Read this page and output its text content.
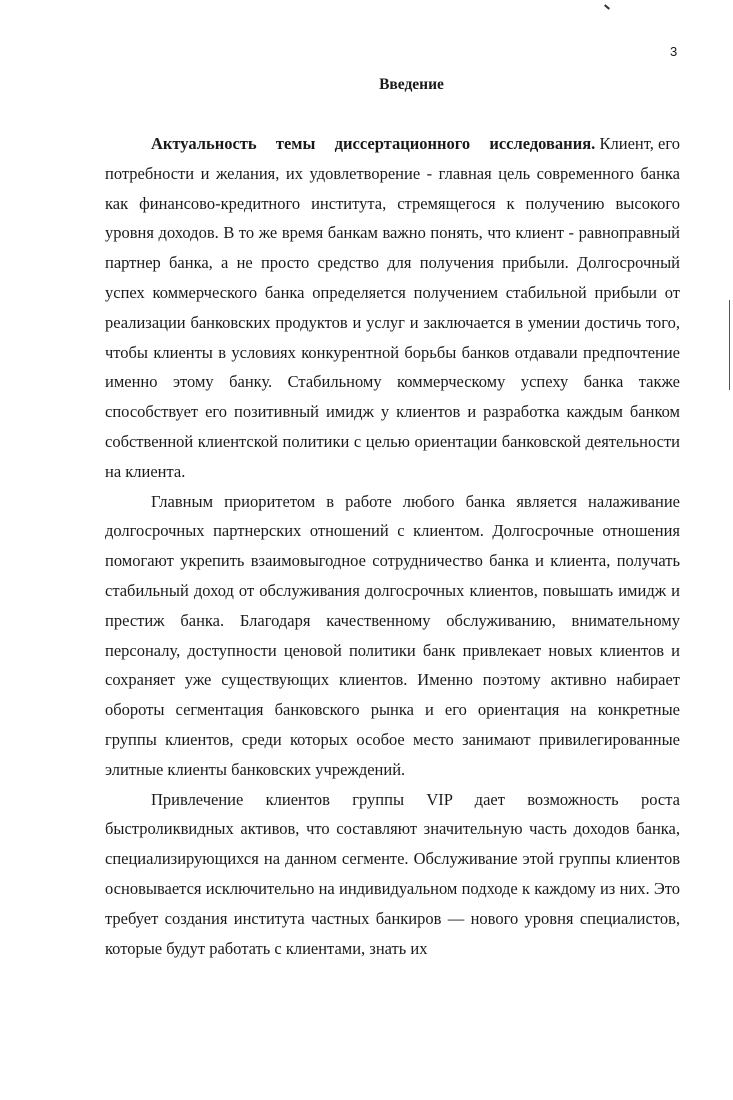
3
Введение

Актуальность темы диссертационного исследования. Клиент, его потребности и желания, их удовлетворение - главная цель современного банка как финансово-кредитного института, стремящегося к получению высокого уровня доходов. В то же время банкам важно понять, что клиент - равноправный партнер банка, а не просто средство для получения прибыли. Долгосрочный успех коммерческого банка определяется получением стабильной прибыли от реализации банковских продуктов и услуг и заключается в умении достичь того, чтобы клиенты в условиях конкурентной борьбы банков отдавали предпочтение именно этому банку. Стабильному коммерческому успеху банка также способствует его позитивный имидж у клиентов и разработка каждым банком собственной клиентской политики с целью ориентации банковской деятельности на клиента.

Главным приоритетом в работе любого банка является налаживание долгосрочных партнерских отношений с клиентом. Долгосрочные отношения помогают укрепить взаимовыгодное сотрудничество банка и клиента, получать стабильный доход от обслуживания долгосрочных клиентов, повышать имидж и престиж банка. Благодаря качественному обслуживанию, внимательному персоналу, доступности ценовой политики банк привлекает новых клиентов и сохраняет уже существующих клиентов. Именно поэтому активно набирает обороты сегментация банковского рынка и его ориентация на конкретные группы клиентов, среди которых особое место занимают привилегированные элитные клиенты банковских учреждений.

Привлечение клиентов группы VIP дает возможность роста быстроликвидных активов, что составляют значительную часть доходов банка, специализирующихся на данном сегменте. Обслуживание этой группы клиентов основывается исключительно на индивидуальном подходе к каждому из них. Это требует создания института частных банкиров — нового уровня специалистов, которые будут работать с клиентами, знать их
